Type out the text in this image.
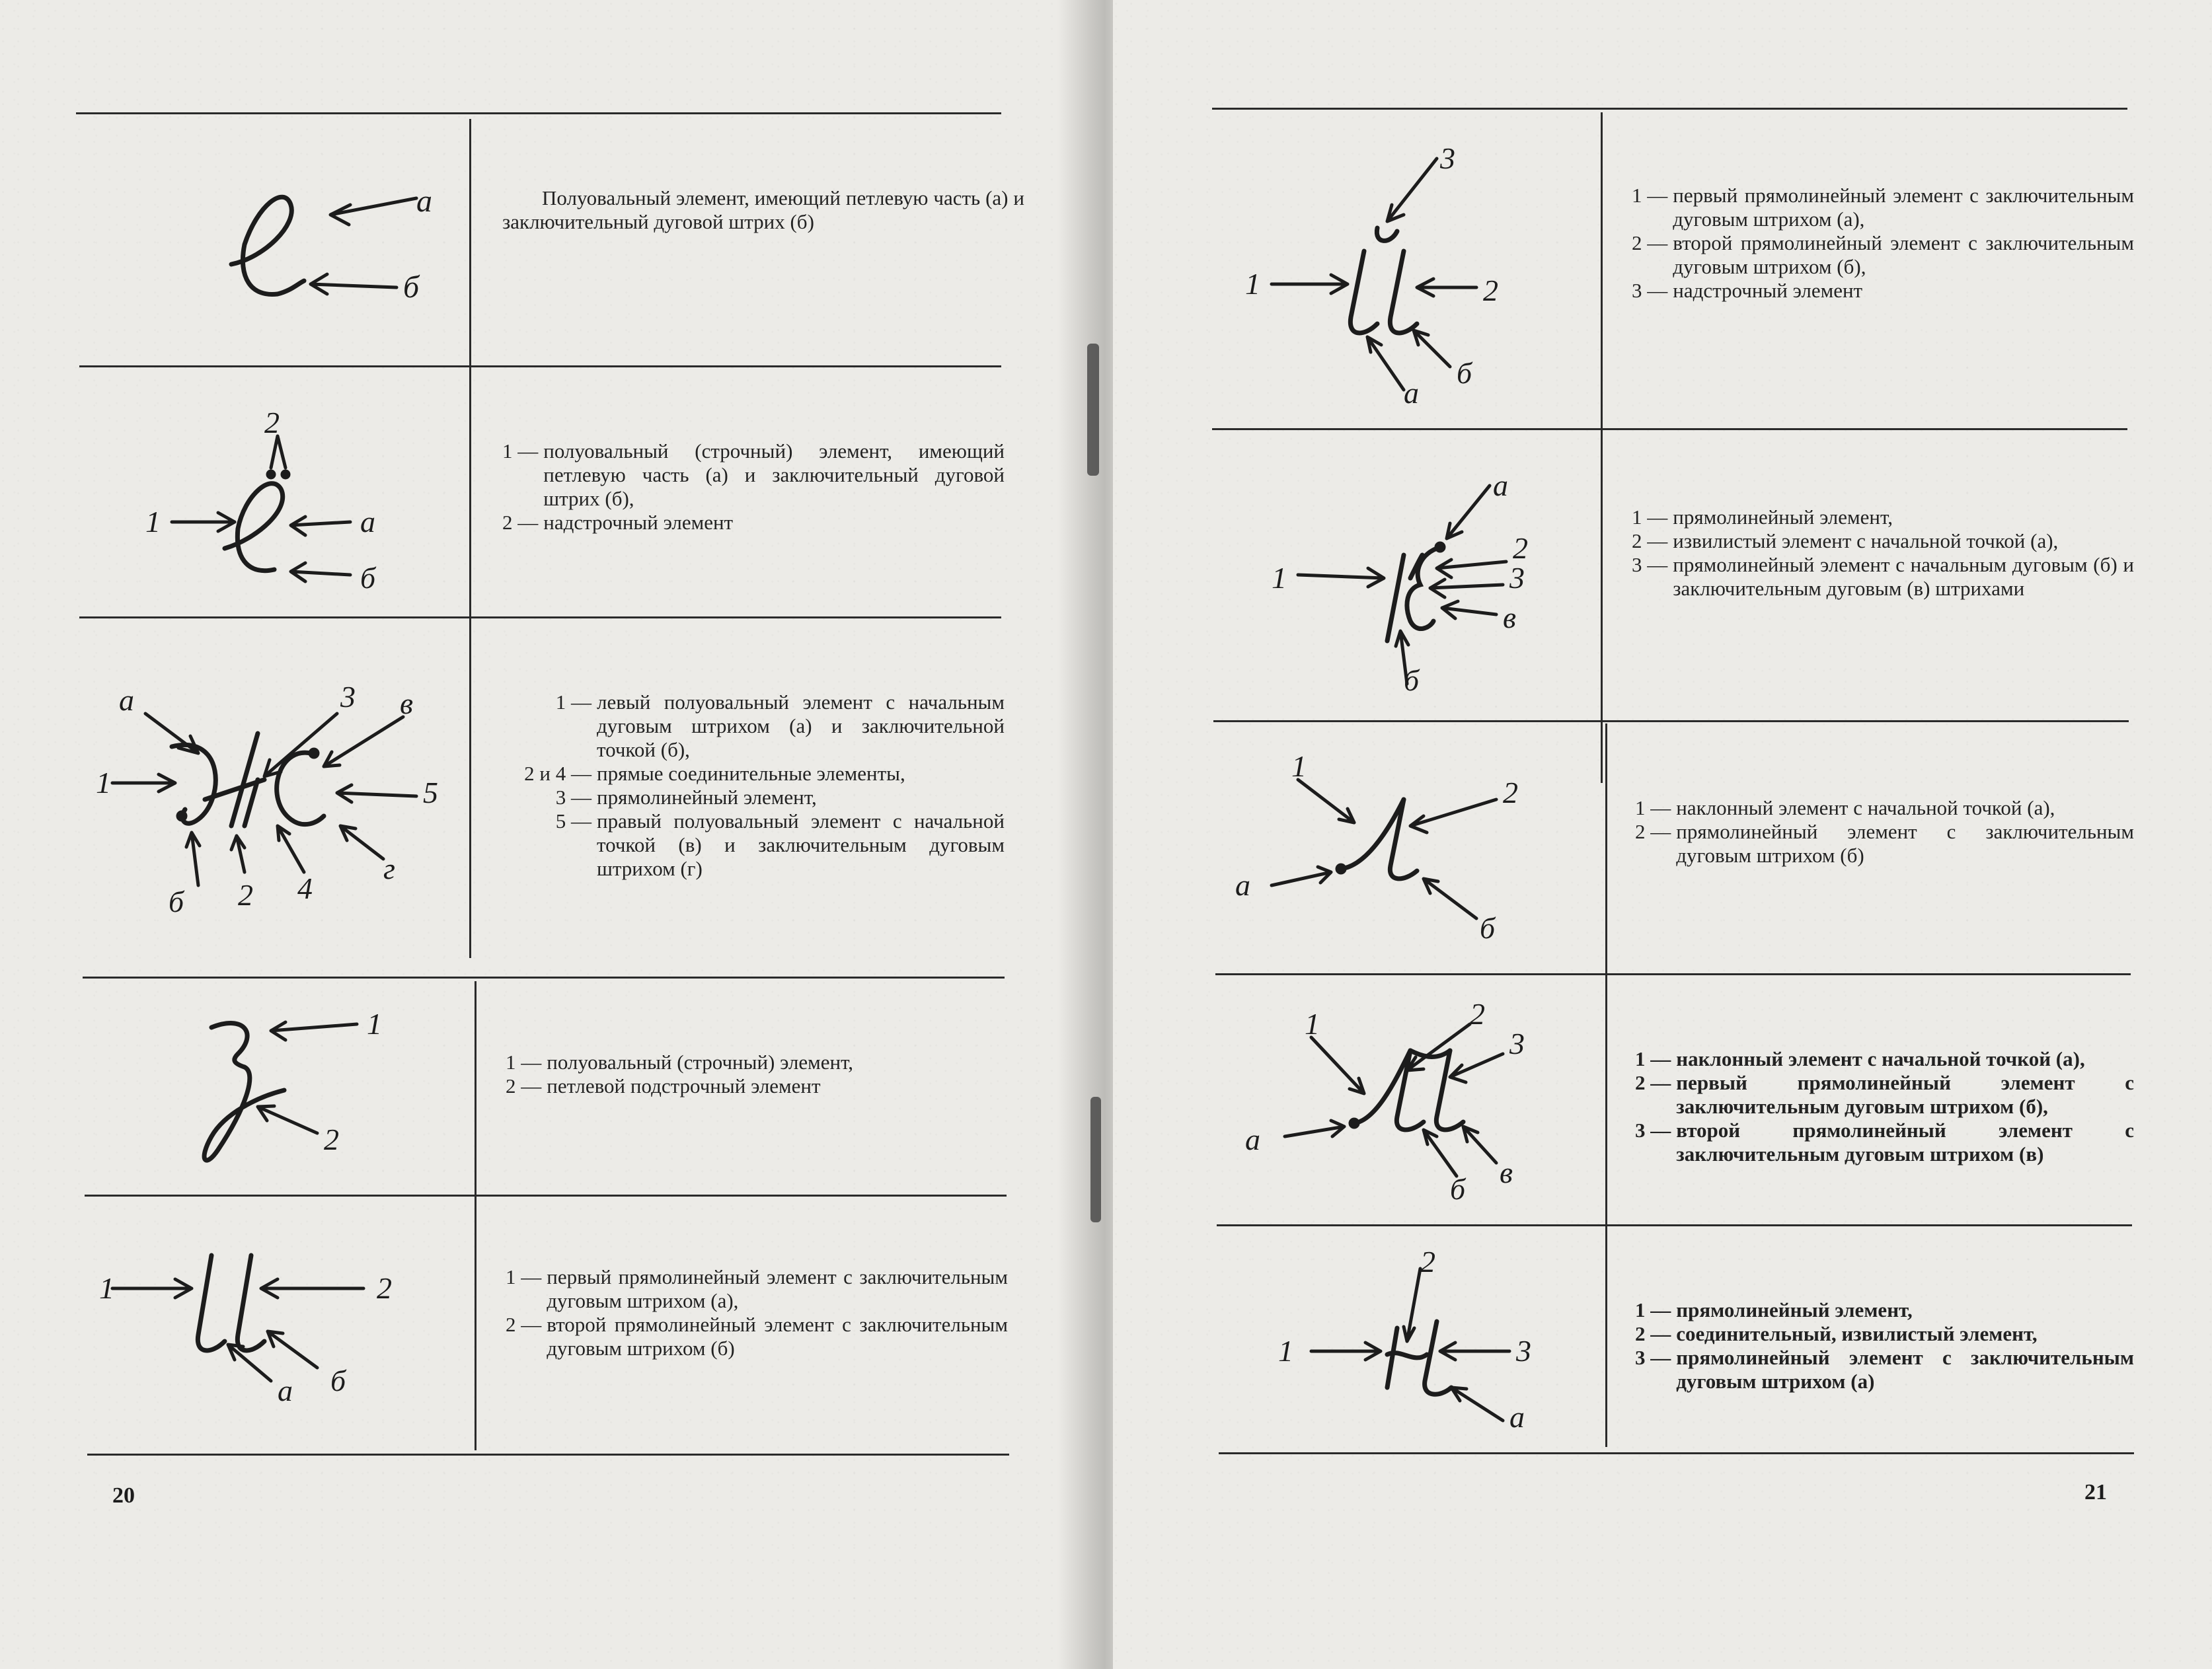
а
б
Полуовальный элемент, имеющий петлевую часть (а) и заключительный дуговой штрих (б)
2
1	а
б
1 — полуовальный (строчный) элемент, имеющий петлевую часть (а) и заключительный дуговой штрих (б),
2 — надстрочный элемент
а
1
3 в
5
б 2 4
г
1 — левый полуовальный элемент с начальным дуговым штрихом (а) и заключительной точкой (б),
2 и 4 — прямые соединительные элементы,
3 — прямолинейный элемент,
5 — правый полуовальный элемент с начальной точкой (в) и заключительным дуговым штрихом (г)
1
2
1 — полуовальный (строчный) элемент,
2 — петлевой подстрочный элемент
1	2
а б
1 — первый прямолинейный элемент с заключительным дуговым штрихом (а),
2 — второй прямолинейный элемент с заключительным дуговым штрихом (б)
20
3
1	2
а
б
1 — первый прямолинейный элемент с заключительным дуговым штрихом (а),
2 — второй прямолинейный элемент с заключительным дуговым штрихом (б),
3 — надстрочный элемент
а
1
2
3
в
б
1 — прямолинейный элемент,
2 — извилистый элемент с начальной точкой (а),
3 — прямолинейный элемент с начальным дуговым (б) и заключительным дуговым (в) штрихами
1
2
а
б
1 — наклонный элемент с начальной точкой (а),
2 — прямолинейный элемент с заключительным дуговым штрихом (б)
1	2
3
а
б в
1 — наклонный элемент с начальной точкой (а),
2 — первый прямолинейный элемент с заключительным дуговым штрихом (б),
3 — второй прямолинейный элемент с заключительным дуговым штрихом (в)
2
1	3
а
1 — прямолинейный элемент,
2 — соединительный, извилистый элемент,
3 — прямолинейный элемент с заключительным дуговым штрихом (а)
21
